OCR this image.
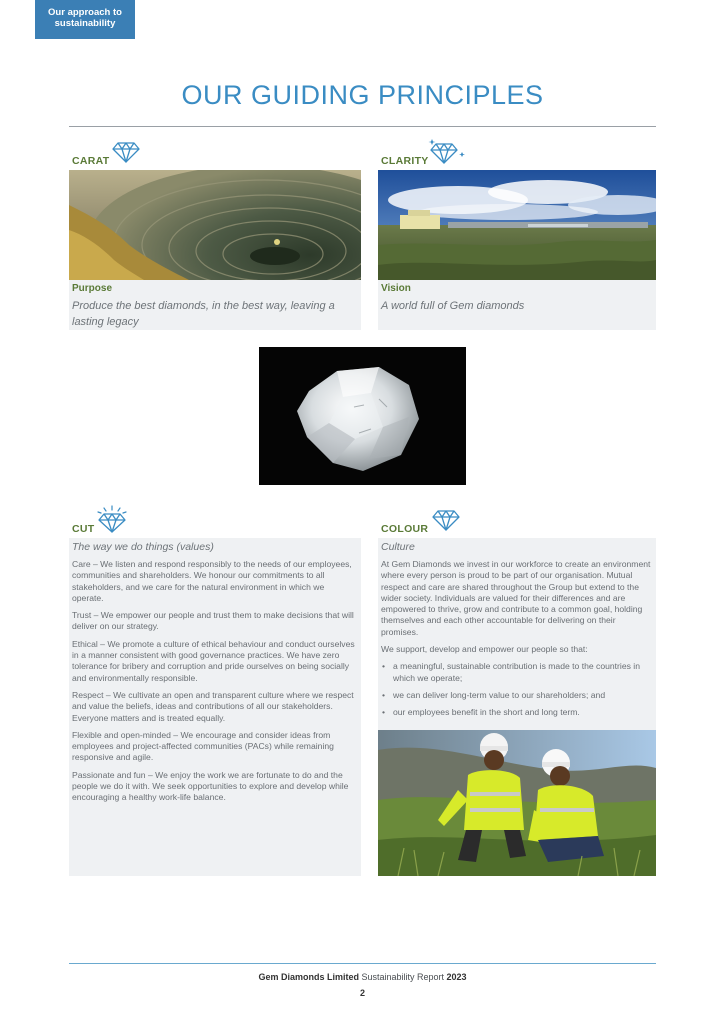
Our approach to
sustainability
OUR GUIDING PRINCIPLES
CARAT
Purpose
Produce the best diamonds, in the best way, leaving a lasting legacy
CLARITY
Vision
A world full of Gem diamonds
CUT
The way we do things (values)

Care – We listen and respond responsibly to the needs of our employees, communities and shareholders. We honour our commitments to all stakeholders, and we care for the natural environment in which we operate.

Trust – We empower our people and trust them to make decisions that will deliver on our strategy.

Ethical – We promote a culture of ethical behaviour and conduct ourselves in a manner consistent with good governance practices. We have zero tolerance for bribery and corruption and pride ourselves on being socially and environmentally responsible.

Respect – We cultivate an open and transparent culture where we respect and value the beliefs, ideas and contributions of all our stakeholders. Everyone matters and is treated equally.

Flexible and open-minded – We encourage and consider ideas from employees and project-affected communities (PACs) while remaining responsive and agile.

Passionate and fun – We enjoy the work we are fortunate to do and the people we do it with. We seek opportunities to explore and develop while encouraging a healthy work-life balance.

COLOUR
Culture

At Gem Diamonds we invest in our workforce to create an environment where every person is proud to be part of our organisation. Mutual respect and care are shared throughout the Group but extend to the wider society. Individuals are valued for their differences and are empowered to thrive, grow and contribute to a common goal, holding themselves and each other accountable for delivering on their promises.

We support, develop and empower our people so that:

• a meaningful, sustainable contribution is made to the countries in which we operate;
• we can deliver long-term value to our shareholders; and
• our employees benefit in the short and long term.
Gem Diamonds Limited Sustainability Report 2023
2
